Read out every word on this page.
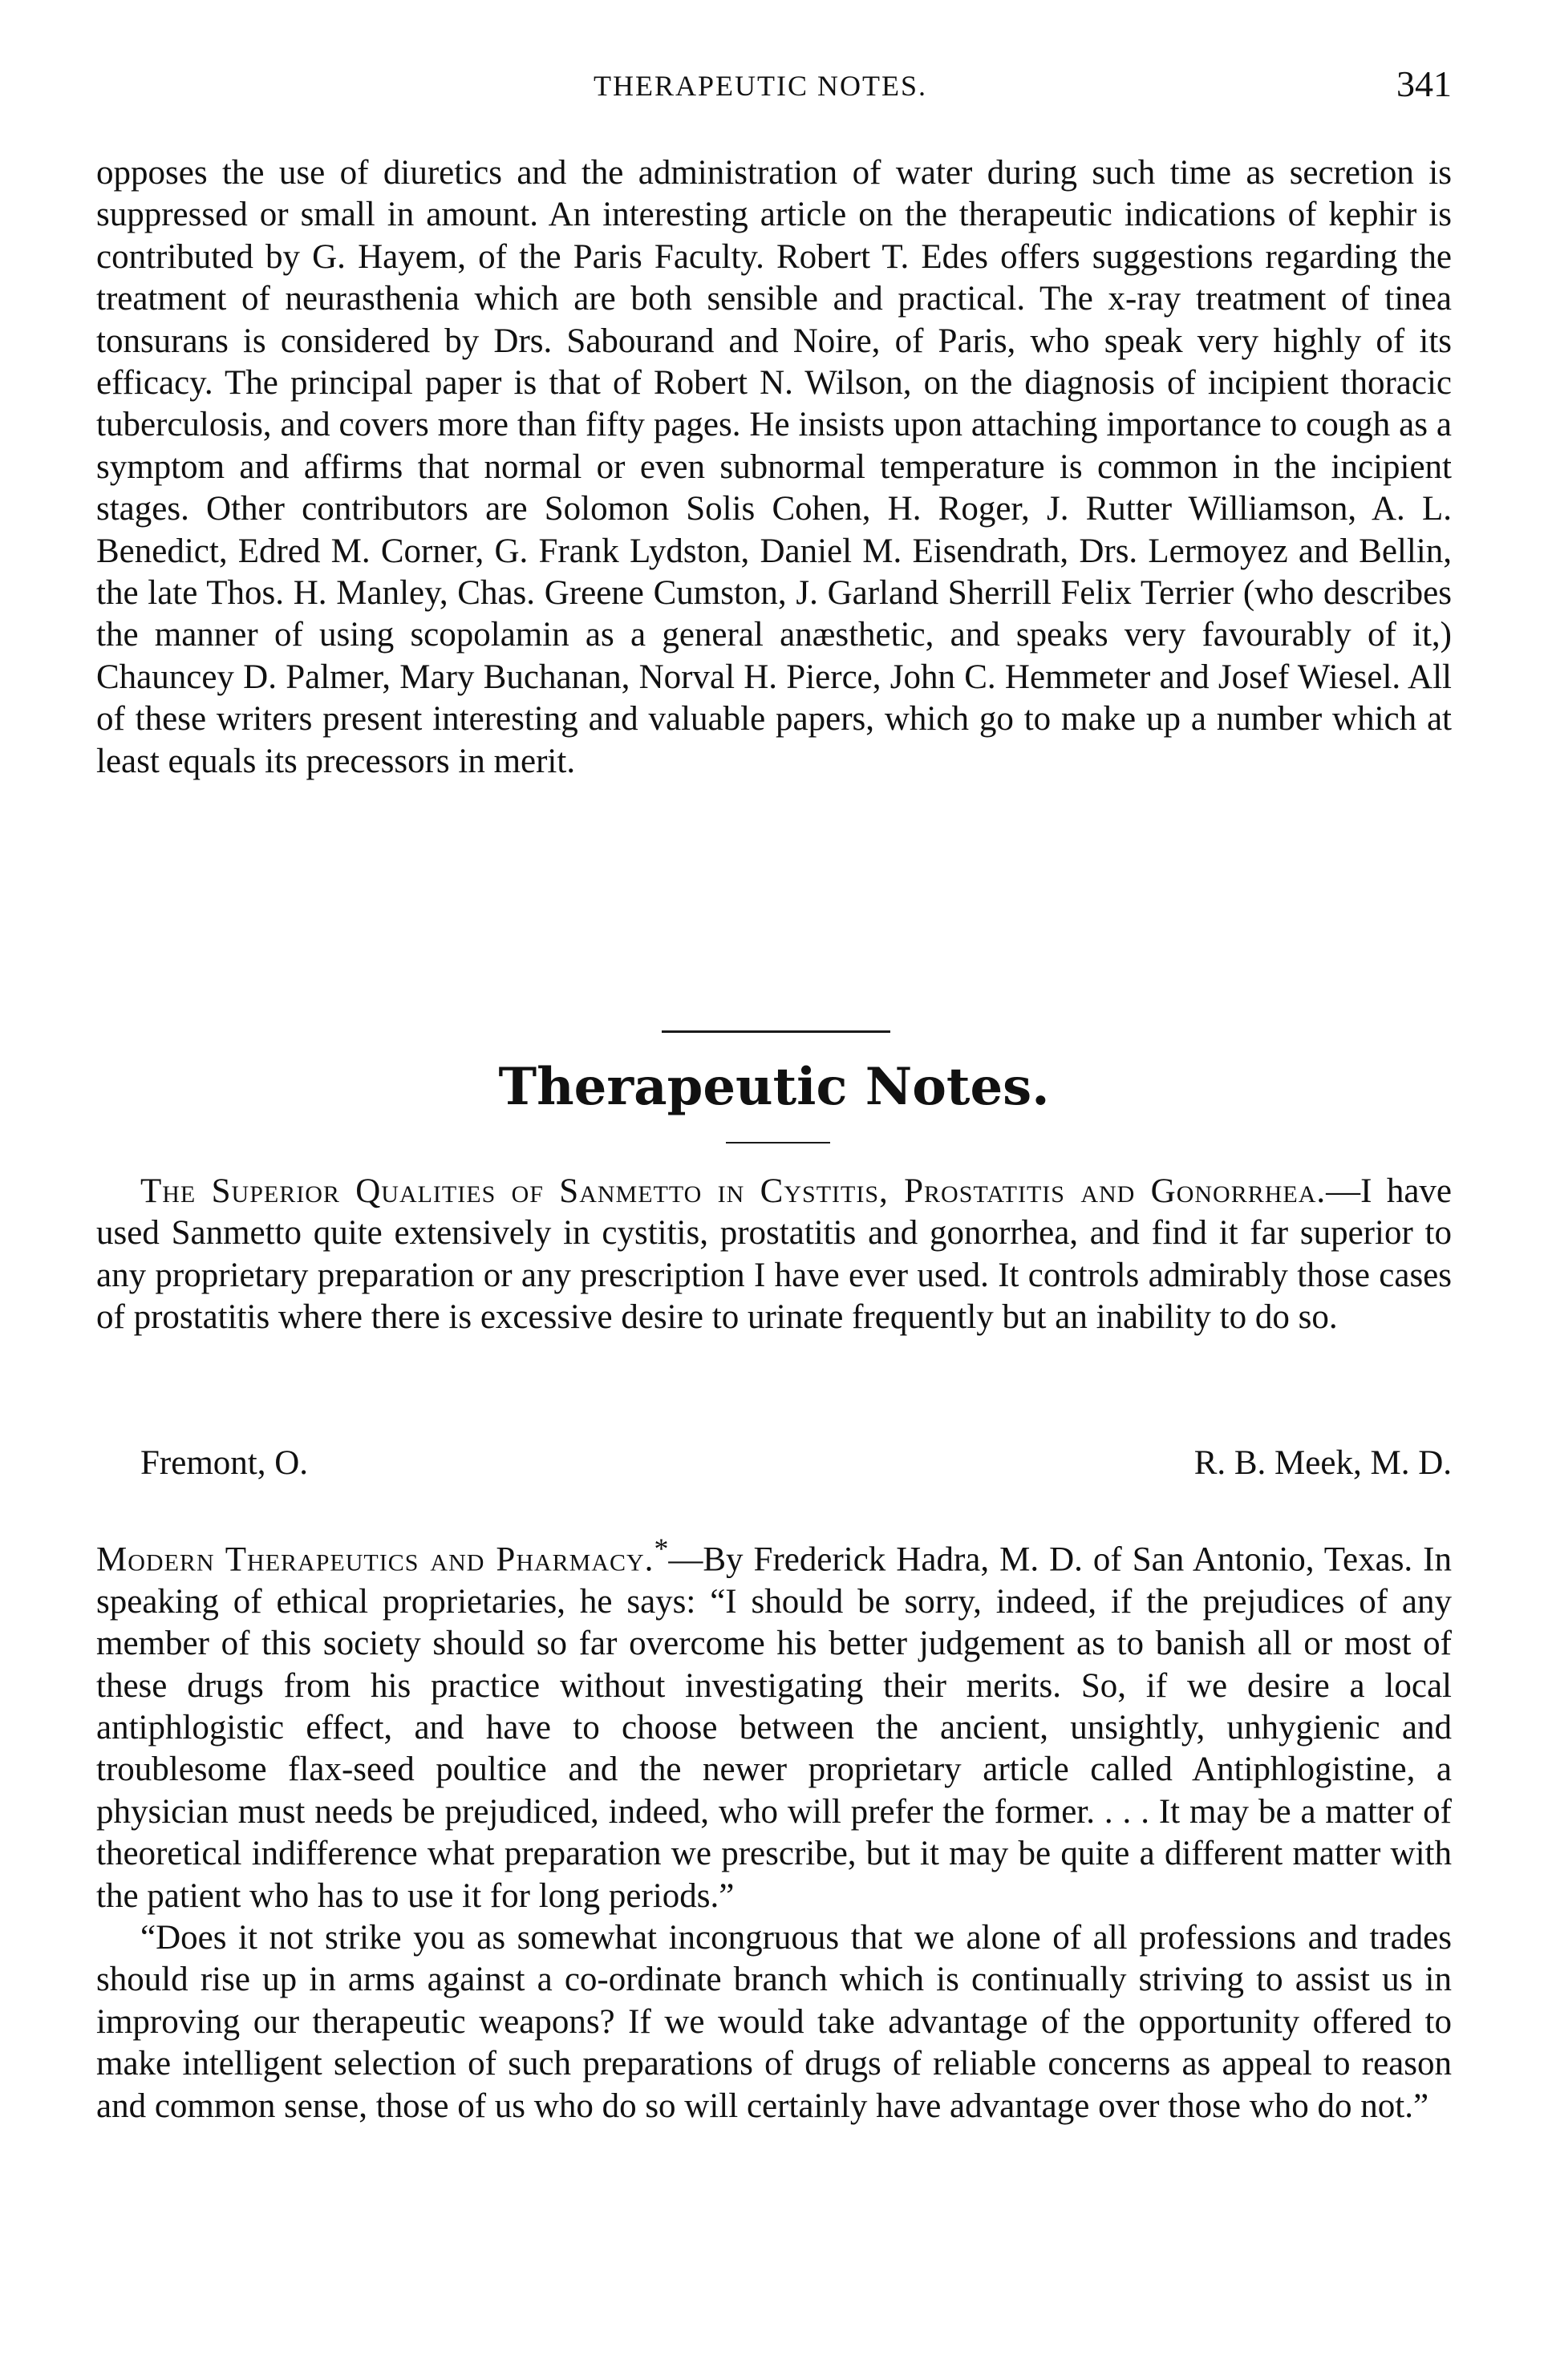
THERAPEUTIC NOTES.	341

opposes the use of diuretics and the administration of water during such time as secretion is suppressed or small in amount. An interesting article on the therapeutic indications of kephir is contributed by G. Hayem, of the Paris Faculty. Robert T. Edes offers suggestions regarding the treatment of neurasthenia which are both sensible and practical. The x-ray treatment of tinea tonsurans is considered by Drs. Sabourand and Noire, of Paris, who speak very highly of its efficacy. The principal paper is that of Robert N. Wilson, on the diagnosis of incipient thoracic tuberculosis, and covers more than fifty pages. He insists upon attaching importance to cough as a symptom and affirms that normal or even subnormal temperature is common in the incipient stages. Other contributors are Solomon Solis Cohen, H. Roger, J. Rutter Williamson, A. L. Benedict, Edred M. Corner, G. Frank Lydston, Daniel M. Eisendrath, Drs. Lermoyez and Bellin, the late Thos. H. Manley, Chas. Greene Cumston, J. Garland Sherrill Felix Terrier (who describes the manner of using scopolamin as a general anæsthetic, and speaks very favourably of it,) Chauncey D. Palmer, Mary Buchanan, Norval H. Pierce, John C. Hemmeter and Josef Wiesel. All of these writers present interesting and valuable papers, which go to make up a number which at least equals its precessors in merit.

Therapeutic Notes.

The Superior Qualities of Sanmetto in Cystitis, Prostatitis and Gonorrhea.—I have used Sanmetto quite extensively in cystitis, prostatitis and gonorrhea, and find it far superior to any proprietary preparation or any prescription I have ever used. It controls admirably those cases of prostatitis where there is excessive desire to urinate frequently but an inability to do so.

Fremont, O.	R. B. Meek, M. D.

Modern Therapeutics and Pharmacy.*—By Frederick Hadra, M. D. of San Antonio, Texas. In speaking of ethical proprietaries, he says: “I should be sorry, indeed, if the prejudices of any member of this society should so far overcome his better judgement as to banish all or most of these drugs from his practice without investigating their merits. So, if we desire a local antiphlogistic effect, and have to choose between the ancient, unsightly, unhygienic and troublesome flax-seed poultice and the newer proprietary article called Antiphlogistine, a physician must needs be prejudiced, indeed, who will prefer the former. . . . It may be a matter of theoretical indifference what preparation we prescribe, but it may be quite a different matter with the patient who has to use it for long periods.”

“Does it not strike you as somewhat incongruous that we alone of all professions and trades should rise up in arms against a co-ordinate branch which is continually striving to assist us in improving our therapeutic weapons? If we would take advantage of the opportunity offered to make intelligent selection of such preparations of drugs of reliable concerns as appeal to reason and common sense, those of us who do so will certainly have advantage over those who do not.”
